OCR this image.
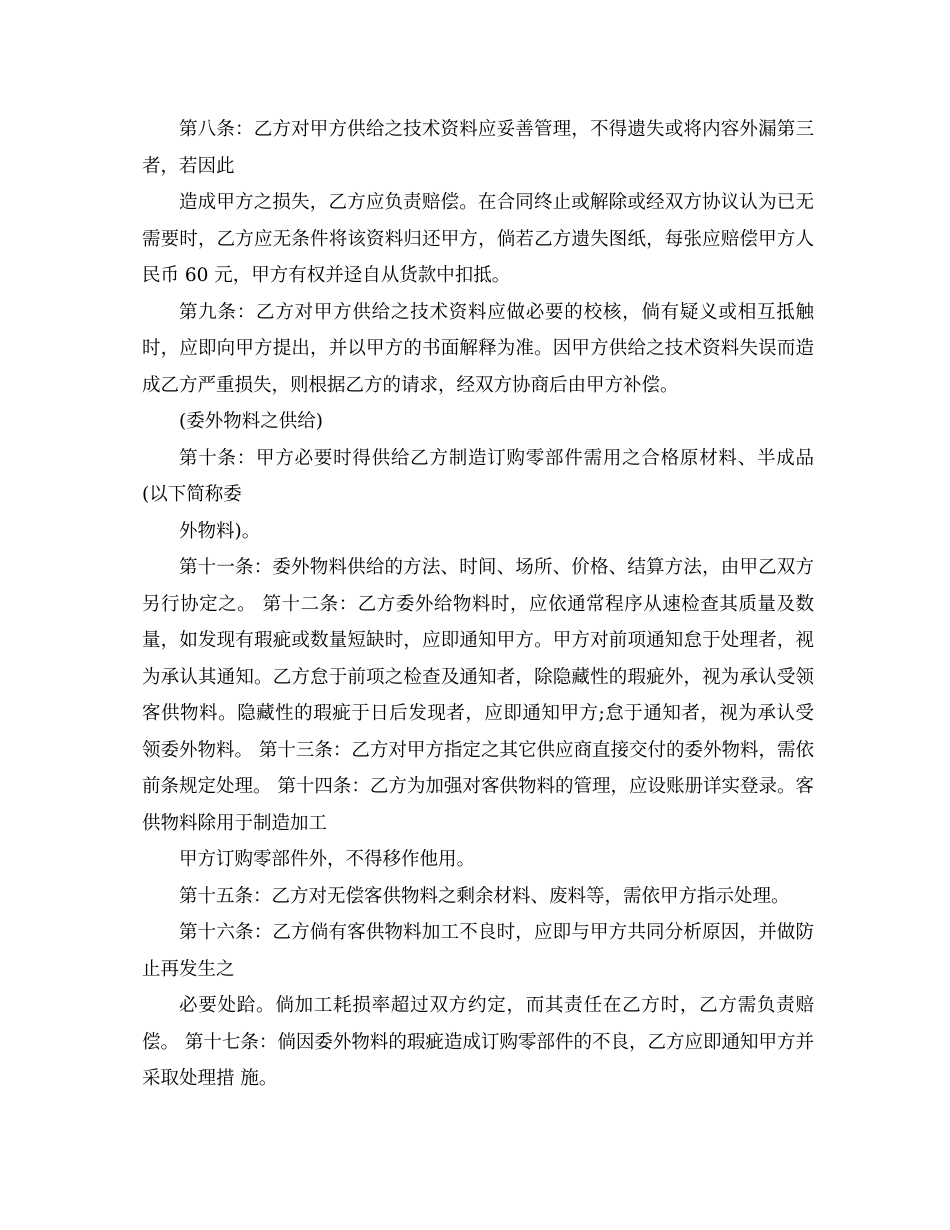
第八条：乙方对甲方供给之技术资料应妥善管理，不得遗失或将内容外漏第三者，若因此

造成甲方之损失，乙方应负责赔偿。在合同终止或解除或经双方协议认为已无需要时，乙方应无条件将该资料归还甲方，倘若乙方遗失图纸，每张应赔偿甲方人民币 60 元，甲方有权并迳自从货款中扣抵。

第九条：乙方对甲方供给之技术资料应做必要的校核，倘有疑义或相互抵触时，应即向甲方提出，并以甲方的书面解释为准。因甲方供给之技术资料失误而造成乙方严重损失，则根据乙方的请求，经双方协商后由甲方补偿。

(委外物料之供给)

第十条：甲方必要时得供给乙方制造订购零部件需用之合格原材料、半成品(以下简称委

外物料)。

第十一条：委外物料供给的方法、时间、场所、价格、结算方法，由甲乙双方另行协定之。 第十二条：乙方委外给物料时，应依通常程序从速检查其质量及数量，如发现有瑕疵或数量短缺时，应即通知甲方。甲方对前项通知怠于处理者，视为承认其通知。乙方怠于前项之检查及通知者，除隐藏性的瑕疵外，视为承认受领客供物料。隐藏性的瑕疵于日后发现者，应即通知甲方;怠于通知者，视为承认受领委外物料。 第十三条：乙方对甲方指定之其它供应商直接交付的委外物料，需依前条规定处理。 第十四条：乙方为加强对客供物料的管理，应设账册详实登录。客供物料除用于制造加工

甲方订购零部件外，不得移作他用。

第十五条：乙方对无偿客供物料之剩余材料、废料等，需依甲方指示处理。

第十六条：乙方倘有客供物料加工不良时，应即与甲方共同分析原因，并做防止再发生之

必要处跲。倘加工耗损率超过双方约定，而其责任在乙方时，乙方需负责赔偿。 第十七条：倘因委外物料的瑕疵造成订购零部件的不良，乙方应即通知甲方并采取处理措 施。
